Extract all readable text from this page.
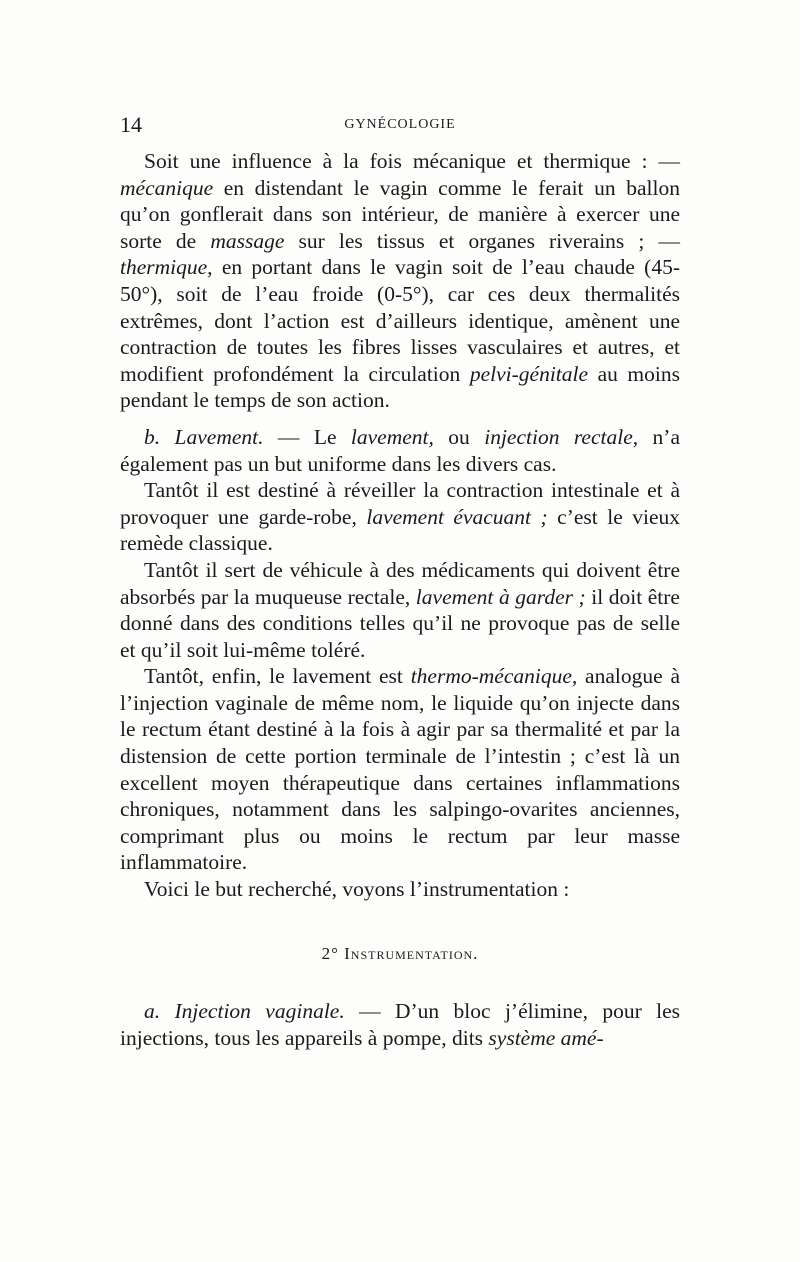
14	GYNÉCOLOGIE

Soit une influence à la fois mécanique et thermique : — mécanique en distendant le vagin comme le ferait un ballon qu’on gonflerait dans son intérieur, de manière à exercer une sorte de massage sur les tissus et organes riverains ; — thermique, en portant dans le vagin soit de l’eau chaude (45-50°), soit de l’eau froide (0-5°), car ces deux thermalités extrêmes, dont l’action est d’ailleurs identique, amènent une contraction de toutes les fibres lisses vasculaires et autres, et modifient profondément la circulation pelvi-génitale au moins pendant le temps de son action.

b. Lavement. — Le lavement, ou injection rectale, n’a également pas un but uniforme dans les divers cas.

Tantôt il est destiné à réveiller la contraction intestinale et à provoquer une garde-robe, lavement évacuant ; c’est le vieux remède classique.

Tantôt il sert de véhicule à des médicaments qui doivent être absorbés par la muqueuse rectale, lavement à garder ; il doit être donné dans des conditions telles qu’il ne provoque pas de selle et qu’il soit lui-même toléré.

Tantôt, enfin, le lavement est thermo-mécanique, analogue à l’injection vaginale de même nom, le liquide qu’on injecte dans le rectum étant destiné à la fois à agir par sa thermalité et par la distension de cette portion terminale de l’intestin ; c’est là un excellent moyen thérapeutique dans certaines inflammations chroniques, notamment dans les salpingo-ovarites anciennes, comprimant plus ou moins le rectum par leur masse inflammatoire.

Voici le but recherché, voyons l’instrumentation :

2° Instrumentation.

a. Injection vaginale. — D’un bloc j’élimine, pour les injections, tous les appareils à pompe, dits système amé-
